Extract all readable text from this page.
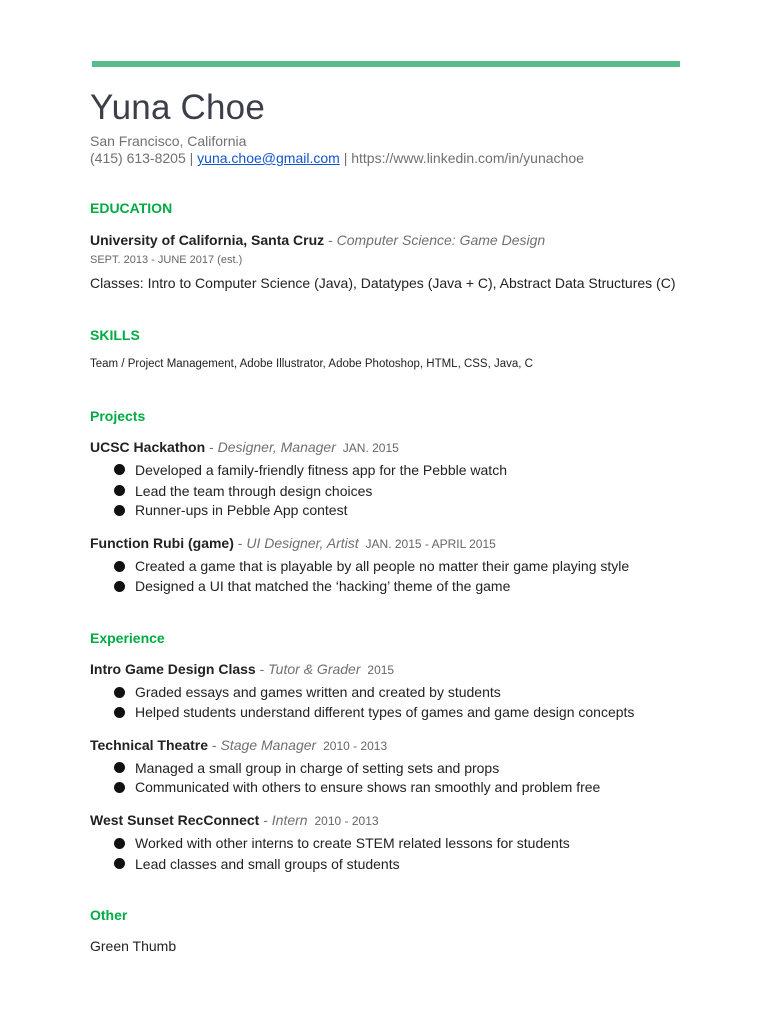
Yuna Choe
San Francisco, California
(415) 613-8205 | yuna.choe@gmail.com | https://www.linkedin.com/in/yunachoe
EDUCATION
University of California, Santa Cruz - Computer Science: Game Design
SEPT. 2013 - JUNE 2017 (est.)
Classes: Intro to Computer Science (Java), Datatypes (Java + C), Abstract Data Structures (C)
SKILLS
Team / Project Management, Adobe Illustrator, Adobe Photoshop, HTML, CSS, Java, C
Projects
UCSC Hackathon - Designer, Manager JAN. 2015
Developed a family-friendly fitness app for the Pebble watch
Lead the team through design choices
Runner-ups in Pebble App contest
Function Rubi (game) - UI Designer, Artist JAN. 2015 - APRIL 2015
Created a game that is playable by all people no matter their game playing style
Designed a UI that matched the ‘hacking’ theme of the game
Experience
Intro Game Design Class - Tutor & Grader 2015
Graded essays and games written and created by students
Helped students understand different types of games and game design concepts
Technical Theatre - Stage Manager 2010 - 2013
Managed a small group in charge of setting sets and props
Communicated with others to ensure shows ran smoothly and problem free
West Sunset RecConnect - Intern 2010 - 2013
Worked with other interns to create STEM related lessons for students
Lead classes and small groups of students
Other
Green Thumb
